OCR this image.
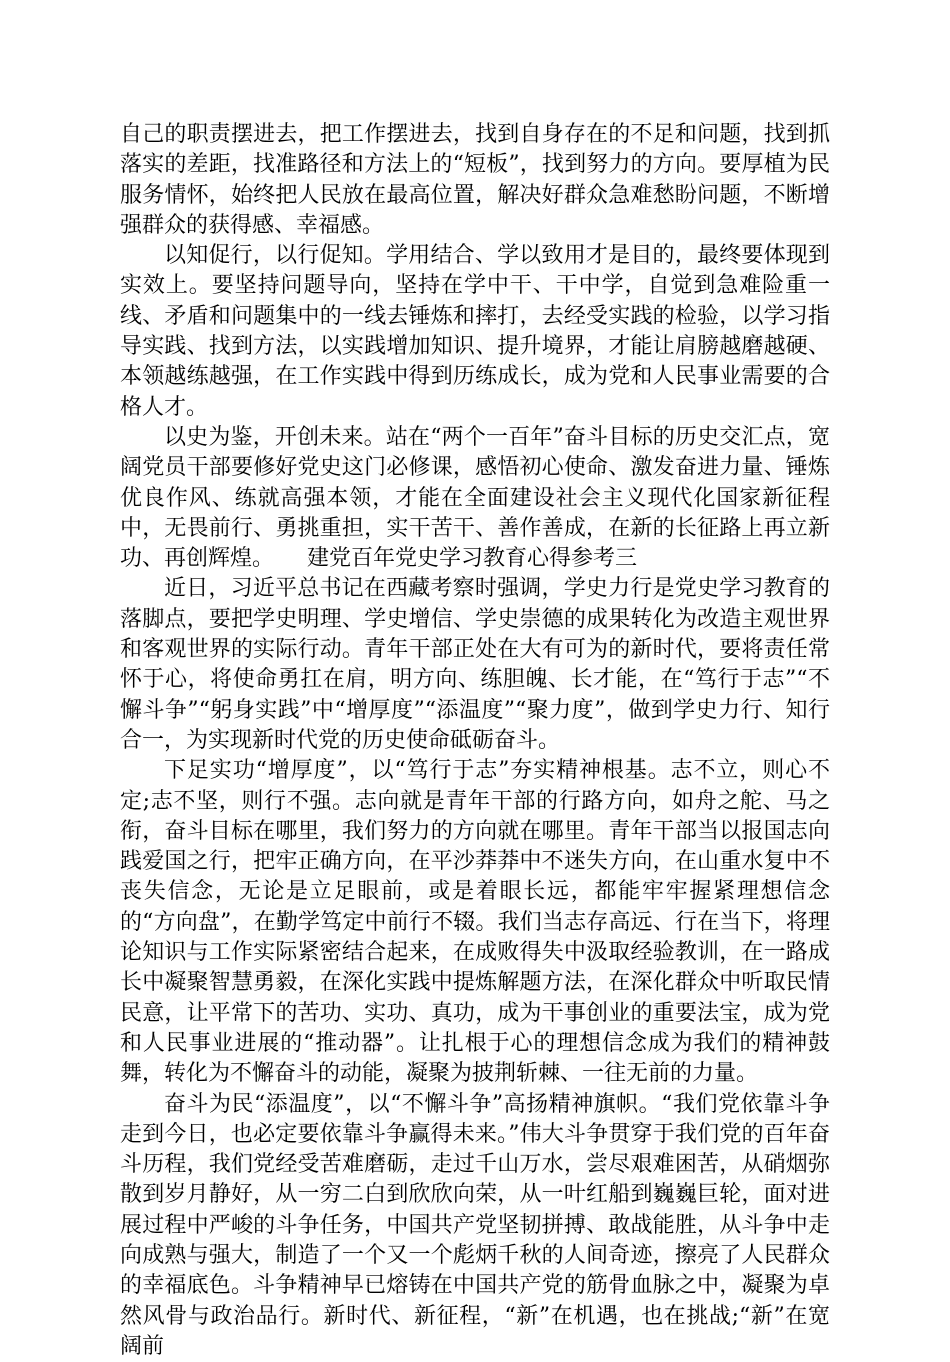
自己的职责摆进去，把工作摆进去，找到自身存在的不足和问题，找到抓落实的差距，找准路径和方法上的“短板”，找到努力的方向。要厚植为民服务情怀，始终把人民放在最高位置，解决好群众急难愁盼问题，不断增强群众的获得感、幸福感。

以知促行，以行促知。学用结合、学以致用才是目的，最终要体现到实效上。要坚持问题导向，坚持在学中干、干中学，自觉到急难险重一线、矛盾和问题集中的一线去锤炼和摔打，去经受实践的检验，以学习指导实践、找到方法，以实践增加知识、提升境界，才能让肩膀越磨越硬、本领越练越强，在工作实践中得到历练成长，成为党和人民事业需要的合格人才。

以史为鉴，开创未来。站在“两个一百年”奋斗目标的历史交汇点，宽阔党员干部要修好党史这门必修课，感悟初心使命、激发奋进力量、锤炼优良作风、练就高强本领，才能在全面建设社会主义现代化国家新征程中，无畏前行、勇挑重担，实干苦干、善作善成，在新的长征路上再立新功、再创辉煌。　　建党百年党史学习教育心得参考三

近日，习近平总书记在西藏考察时强调，学史力行是党史学习教育的落脚点，要把学史明理、学史增信、学史崇德的成果转化为改造主观世界和客观世界的实际行动。青年干部正处在大有可为的新时代，要将责任常怀于心，将使命勇扛在肩，明方向、练胆魄、长才能，在“笃行于志”“不懈斗争”“躬身实践”中“增厚度”“添温度”“聚力度”，做到学史力行、知行合一，为实现新时代党的历史使命砥砺奋斗。

下足实功“增厚度”，以“笃行于志”夯实精神根基。志不立，则心不定;志不坚，则行不强。志向就是青年干部的行路方向，如舟之舵、马之衔，奋斗目标在哪里，我们努力的方向就在哪里。青年干部当以报国志向践爱国之行，把牢正确方向，在平沙莽莽中不迷失方向，在山重水复中不丧失信念，无论是立足眼前，或是着眼长远，都能牢牢握紧理想信念的“方向盘”，在勤学笃定中前行不辍。我们当志存高远、行在当下，将理论知识与工作实际紧密结合起来，在成败得失中汲取经验教训，在一路成长中凝聚智慧勇毅，在深化实践中提炼解题方法，在深化群众中听取民情民意，让平常下的苦功、实功、真功，成为干事创业的重要法宝，成为党和人民事业进展的“推动器”。让扎根于心的理想信念成为我们的精神鼓舞，转化为不懈奋斗的动能，凝聚为披荆斩棘、一往无前的力量。

奋斗为民“添温度”，以“不懈斗争”高扬精神旗帜。“我们党依靠斗争走到今日，也必定要依靠斗争赢得未来。”伟大斗争贯穿于我们党的百年奋斗历程，我们党经受苦难磨砺，走过千山万水，尝尽艰难困苦，从硝烟弥散到岁月静好，从一穷二白到欣欣向荣，从一叶红船到巍巍巨轮，面对进展过程中严峻的斗争任务，中国共产党坚韧拼搏、敢战能胜，从斗争中走向成熟与强大，制造了一个又一个彪炳千秋的人间奇迹，擦亮了人民群众的幸福底色。斗争精神早已熔铸在中国共产党的筋骨血脉之中，凝聚为卓然风骨与政治品行。新时代、新征程，“新”在机遇，也在挑战;“新”在宽阔前
